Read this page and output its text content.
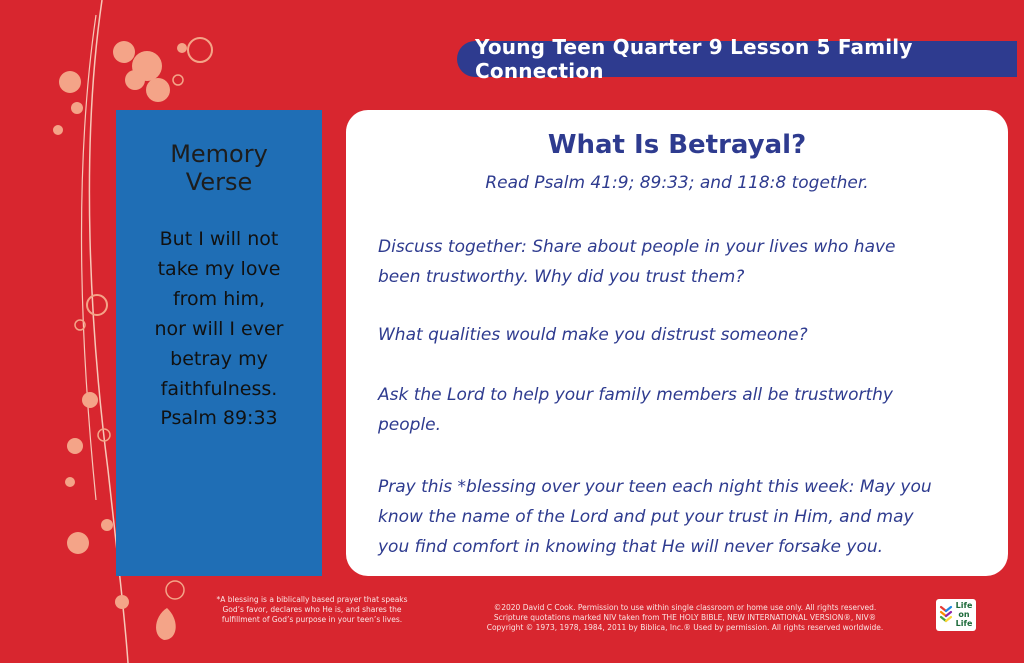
Young Teen Quarter 9 Lesson 5 Family Connection
Memory
Verse
But I will not
take my love
from him,
nor will I ever
betray my
faithfulness.
Psalm 89:33
What Is Betrayal?
Read Psalm 41:9; 89:33; and 118:8 together.
Discuss together: Share about people in your lives who have
been trustworthy. Why did you trust them?
What qualities would make you distrust someone?
Ask the Lord to help your family members all be trustworthy
people.
Pray this *blessing over your teen each night this week: May you
know the name of the Lord and put your trust in Him, and may
you find comfort in knowing that He will never forsake you.
*A blessing is a biblically based prayer that speaks
God’s favor, declares who He is, and shares the
fulfillment of God’s purpose in your teen’s lives.
©2020 David C Cook. Permission to use within single classroom or home use only. All rights reserved.
Scripture quotations marked NIV taken from THE HOLY BIBLE, NEW INTERNATIONAL VERSION®, NIV®
Copyright © 1973, 1978, 1984, 2011 by Biblica, Inc.® Used by permission. All rights reserved worldwide.
Life
on
Life
